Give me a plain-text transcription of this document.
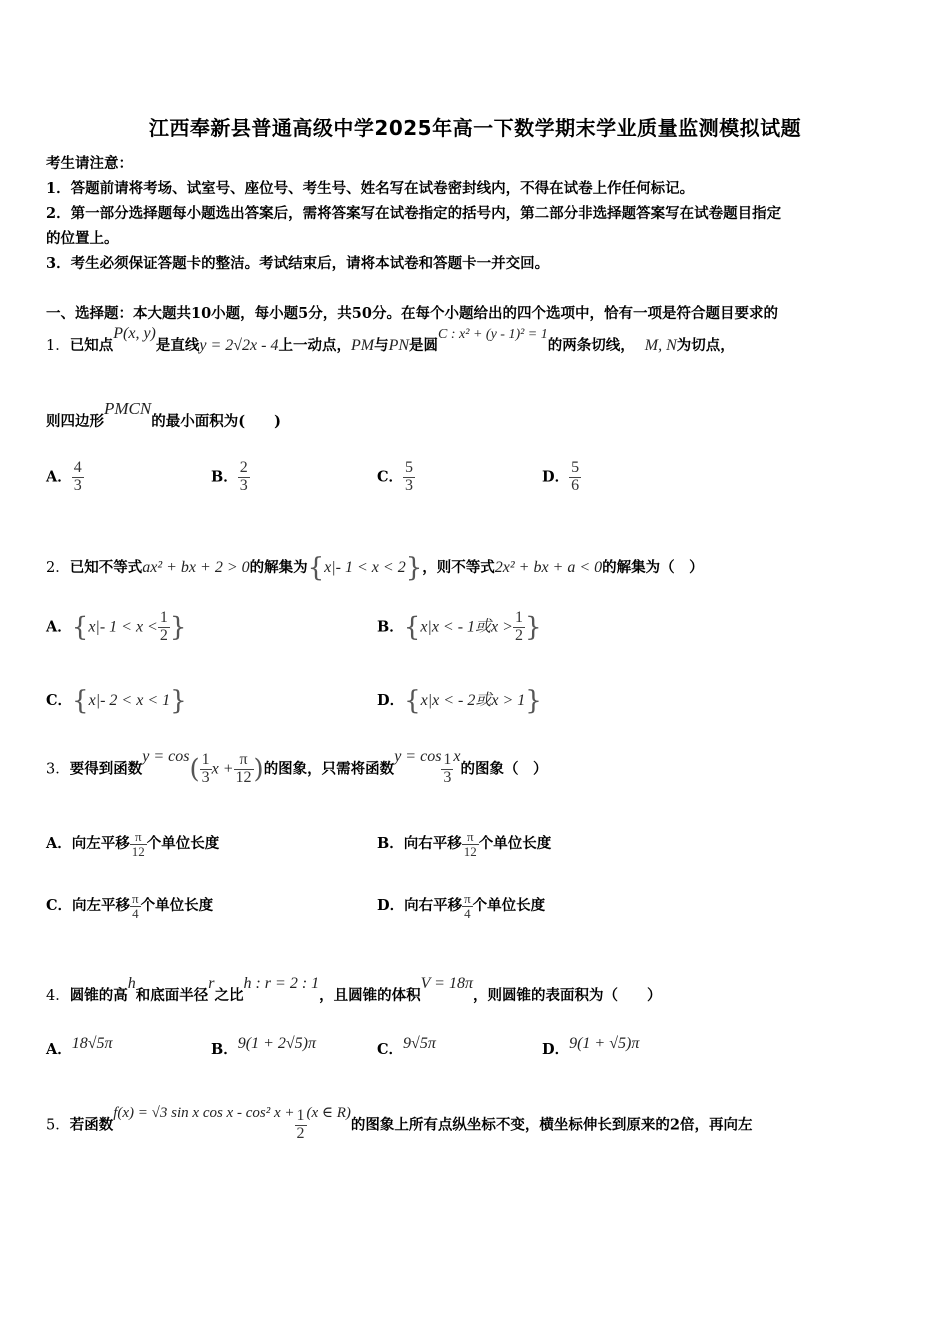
江西奉新县普通高级中学2025年高一下数学期末学业质量监测模拟试题
考生请注意：
1．答题前请将考场、试室号、座位号、考生号、姓名写在试卷密封线内，不得在试卷上作任何标记。
2．第一部分选择题每小题选出答案后，需将答案写在试卷指定的括号内，第二部分非选择题答案写在试卷题目指定
的位置上。
3．考生必须保证答题卡的整洁。考试结束后，请将本试卷和答题卡一并交回。
一、选择题：本大题共10小题，每小题5分，共50分。在每个小题给出的四个选项中，恰有一项是符合题目要求的
1．已知点P(x, y)是直线y = 2√2x - 4上一动点，PM与PN是圆C : x² + (y - 1)² = 1的两条切线， M, N为切点，
则四边形PMCN的最小面积为(　　)
A． $\frac{4}{3}$	B． $\frac{2}{3}$	C． $\frac{5}{3}$	D． $\frac{5}{6}$
2．已知不等式ax² + bx + 2 > 0的解集为{x|- 1 < x < 2}，则不等式2x² + bx + a < 0的解集为（　）
A．{x|- $1 < x < \frac{1}{2}$ }	B．{x|x < - 1或$x > \frac{1}{2}$ }
C．{x|- 2 < x < 1}	D．{x|x < - 2或x > 1}
3．要得到函数$y = \cos( \frac{1}{3}$ $x + \frac{\pi}{12}$ )的图象，只需将函数$y = \cos \frac{1}{3}$ x的图象（　）
A．向左平移 $\frac{\pi}{12}$ 个单位长度	B．向右平移 $\frac{\pi}{12}$ 个单位长度
C．向左平移 $\frac{\pi}{4}$ 个单位长度	D．向右平移 $\frac{\pi}{4}$ 个单位长度
4．圆锥的高h和底面半径r之比h : r = 2 : 1，且圆锥的体积V = 18π，则圆锥的表面积为（　　）
A．18√5π	B．9(1 + 2√5)π	C．9√5π	D．9(1 + √5)π
5．若函数f(x) = √3 sin x cos x - cos² $x + \frac{1}{2} (x$ ∈ R)的图象上所有点纵坐标不变，横坐标伸长到原来的2倍，再向左
